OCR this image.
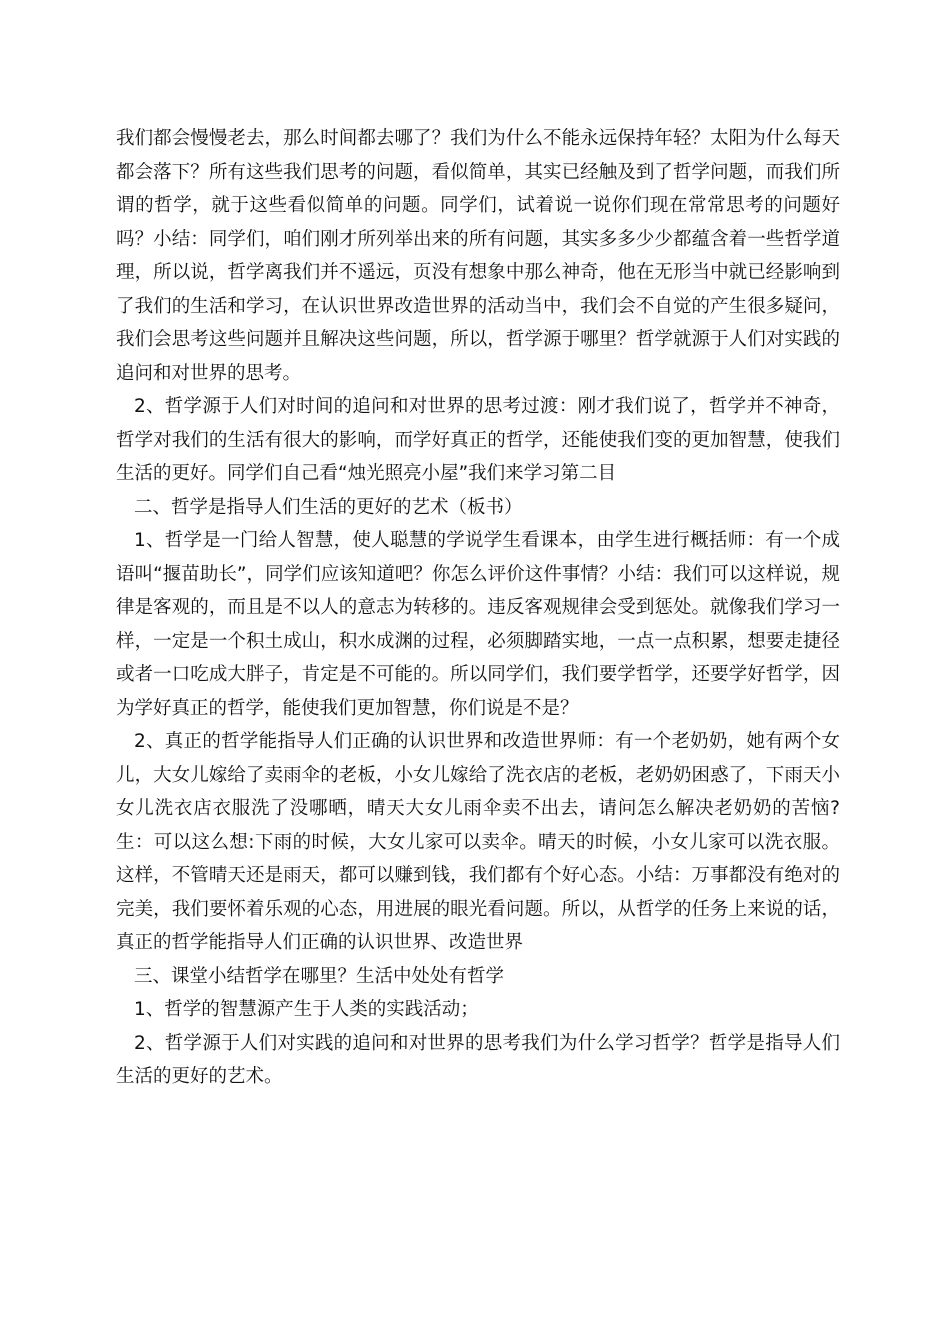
我们都会慢慢老去，那么时间都去哪了？我们为什么不能永远保持年轻？太阳为什么每天都会落下？所有这些我们思考的问题，看似简单，其实已经触及到了哲学问题，而我们所谓的哲学，就于这些看似简单的问题。同学们，试着说一说你们现在常常思考的问题好吗？小结：同学们，咱们刚才所列举出来的所有问题，其实多多少少都蕴含着一些哲学道理，所以说，哲学离我们并不遥远，页没有想象中那么神奇，他在无形当中就已经影响到了我们的生活和学习，在认识世界改造世界的活动当中，我们会不自觉的产生很多疑问，我们会思考这些问题并且解决这些问题，所以，哲学源于哪里？哲学就源于人们对实践的追问和对世界的思考。

2、哲学源于人们对时间的追问和对世界的思考过渡：刚才我们说了，哲学并不神奇，哲学对我们的生活有很大的影响，而学好真正的哲学，还能使我们变的更加智慧，使我们生活的更好。同学们自己看“烛光照亮小屋”我们来学习第二目

二、哲学是指导人们生活的更好的艺术（板书）

1、哲学是一门给人智慧，使人聪慧的学说学生看课本，由学生进行概括师：有一个成语叫“揠苗助长”，同学们应该知道吧？你怎么评价这件事情？小结：我们可以这样说，规律是客观的，而且是不以人的意志为转移的。违反客观规律会受到惩处。就像我们学习一样，一定是一个积土成山，积水成渊的过程，必须脚踏实地，一点一点积累，想要走捷径或者一口吃成大胖子，肯定是不可能的。所以同学们，我们要学哲学，还要学好哲学，因为学好真正的哲学，能使我们更加智慧，你们说是不是？

2、真正的哲学能指导人们正确的认识世界和改造世界师：有一个老奶奶，她有两个女儿，大女儿嫁给了卖雨伞的老板，小女儿嫁给了洗衣店的老板，老奶奶困惑了，下雨天小女儿洗衣店衣服洗了没哪晒，晴天大女儿雨伞卖不出去，请问怎么解决老奶奶的苦恼?生：可以这么想:下雨的时候，大女儿家可以卖伞。晴天的时候，小女儿家可以洗衣服。这样，不管晴天还是雨天，都可以赚到钱，我们都有个好心态。小结：万事都没有绝对的完美，我们要怀着乐观的心态，用进展的眼光看问题。所以，从哲学的任务上来说的话，真正的哲学能指导人们正确的认识世界、改造世界

三、课堂小结哲学在哪里？生活中处处有哲学

1、哲学的智慧源产生于人类的实践活动；

2、哲学源于人们对实践的追问和对世界的思考我们为什么学习哲学？哲学是指导人们生活的更好的艺术。
